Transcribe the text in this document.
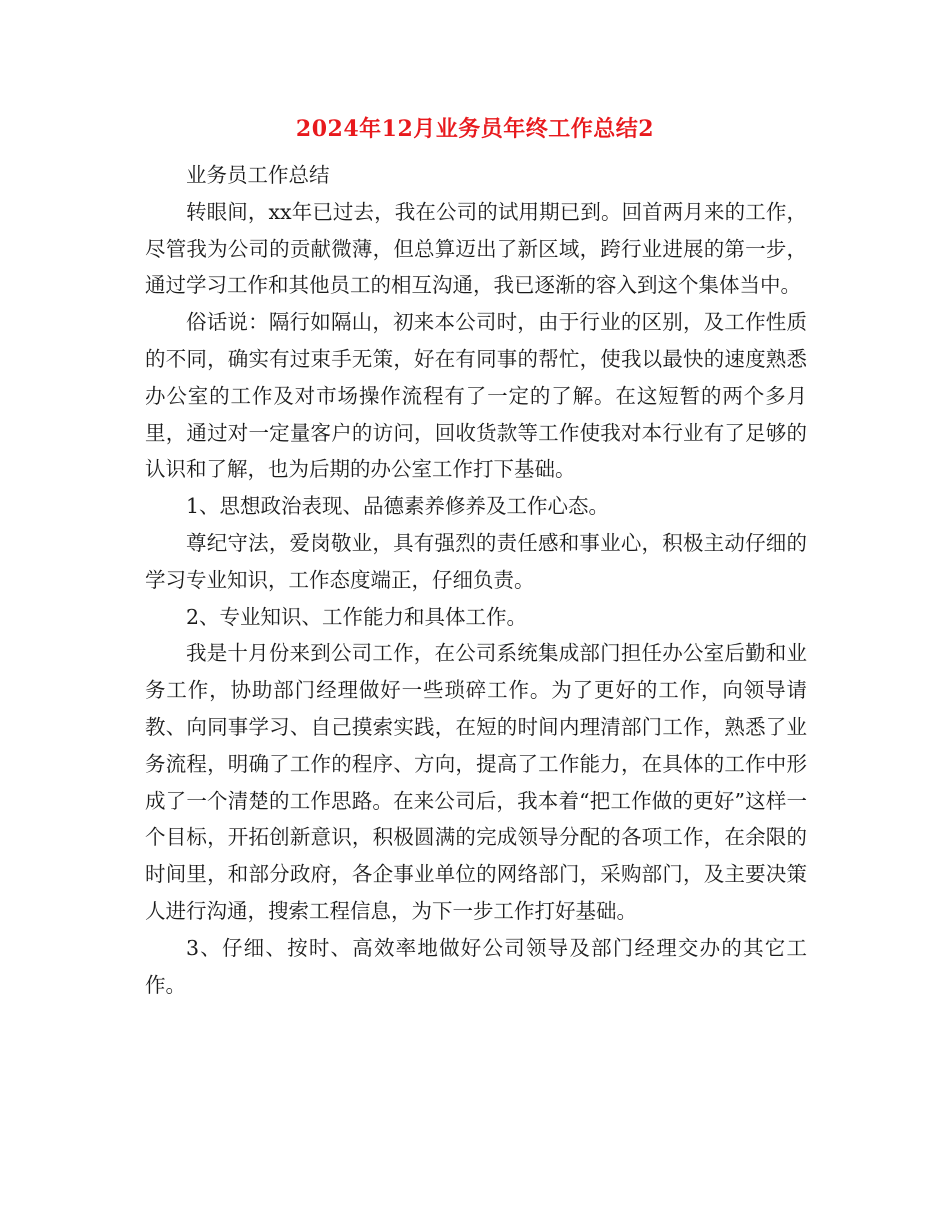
2024年12月业务员年终工作总结2

业务员工作总结

转眼间，xx年已过去，我在公司的试用期已到。回首两月来的工作，尽管我为公司的贡献微薄，但总算迈出了新区域，跨行业进展的第一步，通过学习工作和其他员工的相互沟通，我已逐渐的容入到这个集体当中。

俗话说：隔行如隔山，初来本公司时，由于行业的区别，及工作性质的不同，确实有过束手无策，好在有同事的帮忙，使我以最快的速度熟悉办公室的工作及对市场操作流程有了一定的了解。在这短暂的两个多月里，通过对一定量客户的访问，回收货款等工作使我对本行业有了足够的认识和了解，也为后期的办公室工作打下基础。

1、思想政治表现、品德素养修养及工作心态。

尊纪守法，爱岗敬业，具有强烈的责任感和事业心，积极主动仔细的学习专业知识，工作态度端正，仔细负责。

2、专业知识、工作能力和具体工作。

我是十月份来到公司工作，在公司系统集成部门担任办公室后勤和业务工作，协助部门经理做好一些琐碎工作。为了更好的工作，向领导请教、向同事学习、自己摸索实践，在短的时间内理清部门工作，熟悉了业务流程，明确了工作的程序、方向，提高了工作能力，在具体的工作中形成了一个清楚的工作思路。在来公司后，我本着“把工作做的更好”这样一个目标，开拓创新意识，积极圆满的完成领导分配的各项工作，在余限的时间里，和部分政府，各企事业单位的网络部门，采购部门，及主要决策人进行沟通，搜索工程信息，为下一步工作打好基础。

3、仔细、按时、高效率地做好公司领导及部门经理交办的其它工作。
